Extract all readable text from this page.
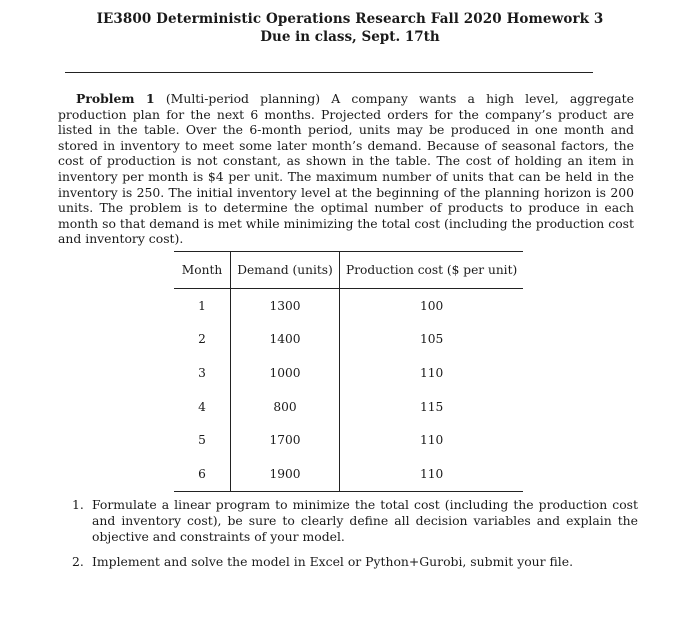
IE3800 Deterministic Operations Research Fall 2020 Homework 3
Due in class, Sept. 17th
Problem 1 (Multi-period planning) A company wants a high level, aggregate production plan for the next 6 months. Projected orders for the company’s product are listed in the table. Over the 6-month period, units may be produced in one month and stored in inventory to meet some later month’s demand. Because of seasonal factors, the cost of production is not constant, as shown in the table. The cost of holding an item in inventory per month is $4 per unit. The maximum number of units that can be held in the inventory is 250. The initial inventory level at the beginning of the planning horizon is 200 units. The problem is to determine the optimal number of products to produce in each month so that demand is met while minimizing the total cost (including the production cost and inventory cost).
Month	Demand (units)	Production cost ($ per unit)
1	1300	100
2	1400	105
3	1000	110
4	800	115
5	1700	110
6	1900	110
1. Formulate a linear program to minimize the total cost (including the production cost and inventory cost), be sure to clearly define all decision variables and explain the objective and constraints of your model.
2. Implement and solve the model in Excel or Python+Gurobi, submit your file.
